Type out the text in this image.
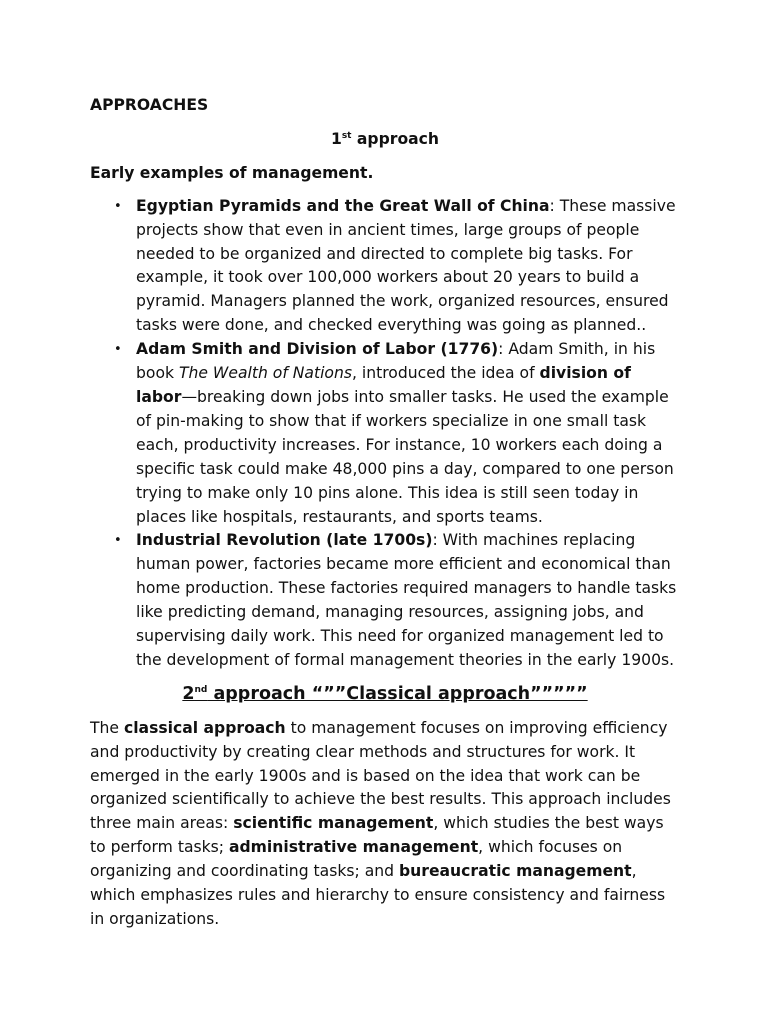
APPROACHES

1st approach

Early examples of management.

• Egyptian Pyramids and the Great Wall of China: These massive projects show that even in ancient times, large groups of people needed to be organized and directed to complete big tasks. For example, it took over 100,000 workers about 20 years to build a pyramid. Managers planned the work, organized resources, ensured tasks were done, and checked everything was going as planned..
• Adam Smith and Division of Labor (1776): Adam Smith, in his book The Wealth of Nations, introduced the idea of division of labor—breaking down jobs into smaller tasks. He used the example of pin-making to show that if workers specialize in one small task each, productivity increases. For instance, 10 workers each doing a specific task could make 48,000 pins a day, compared to one person trying to make only 10 pins alone. This idea is still seen today in places like hospitals, restaurants, and sports teams.
• Industrial Revolution (late 1700s): With machines replacing human power, factories became more efficient and economical than home production. These factories required managers to handle tasks like predicting demand, managing resources, assigning jobs, and supervising daily work. This need for organized management led to the development of formal management theories in the early 1900s.

2nd approach “””Classical approach”””””

The classical approach to management focuses on improving efficiency and productivity by creating clear methods and structures for work. It emerged in the early 1900s and is based on the idea that work can be organized scientifically to achieve the best results. This approach includes three main areas: scientific management, which studies the best ways to perform tasks; administrative management, which focuses on organizing and coordinating tasks; and bureaucratic management, which emphasizes rules and hierarchy to ensure consistency and fairness in organizations.
